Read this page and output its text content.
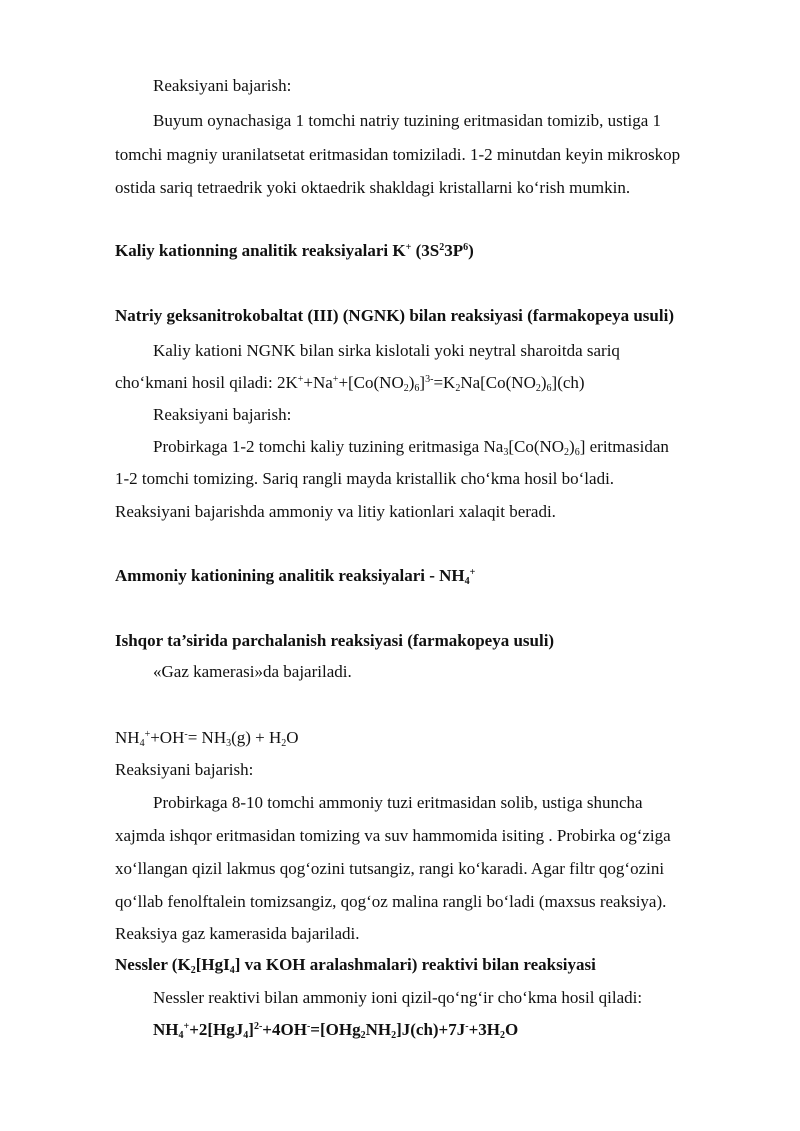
Reaksiyani bajarish:
Buyum oynachasiga 1 tomchi natriy tuzining eritmasidan tomizib, ustiga 1
tomchi magniy uranilatsetat eritmasidan tomiziladi. 1-2 minutdan keyin mikroskop
ostida sariq tetraedrik yoki oktaedrik shakldagi kristallarni ko‘rish mumkin.
Kaliy kationning analitik reaksiyalari K+ $(3S^23P^6)$
Natriy geksanitrokobaltat (III) (NGNK) bilan reaksiyasi (farmakopeya usuli)
Kaliy kationi NGNK bilan sirka kislotali yoki neytral sharoitda sariq
cho‘kmani hosil qiladi: $2K^++Na^++[Co(NO_2)_6]^{3-}=K_2Na[Co(NO_2)_6](ch)$
Reaksiyani bajarish:
Probirkaga 1-2 tomchi kaliy tuzining eritmasiga $Na_3[Co(NO_2)_6]$ eritmasidan
1-2 tomchi tomizing. Sariq rangli mayda kristallik cho‘kma hosil bo‘ladi.
Reaksiyani bajarishda ammoniy va litiy kationlari xalaqit beradi.
Ammoniy kationining analitik reaksiyalari - $NH_4^+$
Ishqor ta’sirida parchalanish reaksiyasi (farmakopeya usuli)
«Gaz kamerasi»da bajariladi.
$NH_4^++OH^-= NH_3(g) + H_2O$
Reaksiyani bajarish:
Probirkaga 8-10 tomchi ammoniy tuzi eritmasidan solib, ustiga shuncha
xajmda ishqor eritmasidan tomizing va suv hammomida isiting . Probirka og‘ziga
xo‘llangan qizil lakmus qog‘ozini tutsangiz, rangi ko‘karadi. Agar filtr qog‘ozini
qo‘llab fenolftalein tomizsangiz, qog‘oz malina rangli bo‘ladi (maxsus reaksiya).
Reaksiya gaz kamerasida bajariladi.
Nessler ($K_2[HgI_4]$ va KOH aralashmalari) reaktivi bilan reaksiyasi
Nessler reaktivi bilan ammoniy ioni qizil-qo‘ng‘ir cho‘kma hosil qiladi:
$NH_4^++2[HgJ_4]^{2-}+4OH^-=[OHg_2NH_2]J(ch)+7J^-+3H_2O$
